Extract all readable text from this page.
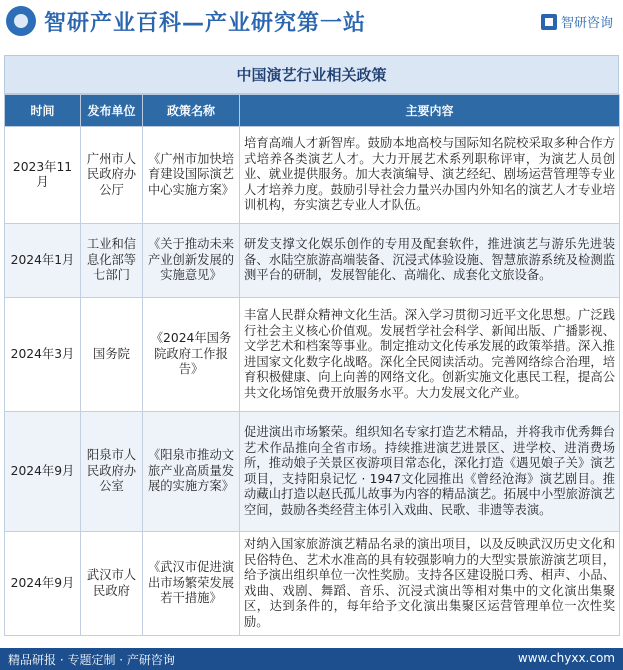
智研产业百科—产业研究第一站	智研咨询
中国演艺行业相关政策
时间	发布单位	政策名称	主要内容
2023年11月	广州市人民政府办公厅	《广州市加快培育建设国际演艺中心实施方案》	培育高端人才新智库。鼓励本地高校与国际知名院校采取多种合作方式培养各类演艺人才。大力开展艺术系列职称评审，为演艺人员创业、就业提供服务。加大表演编导、演艺经纪、剧场运营管理等专业人才培养力度。鼓励引导社会力量兴办国内外知名的演艺人才专业培训机构，夯实演艺专业人才队伍。
2024年1月	工业和信息化部等七部门	《关于推动未来产业创新发展的实施意见》	研发支撑文化娱乐创作的专用及配套软件，推进演艺与游乐先进装备、水陆空旅游高端装备、沉浸式体验设施、智慧旅游系统及检测监测平台的研制，发展智能化、高端化、成套化文旅设备。
2024年3月	国务院	《2024年国务院政府工作报告》	丰富人民群众精神文化生活。深入学习贯彻习近平文化思想。广泛践行社会主义核心价值观。发展哲学社会科学、新闻出版、广播影视、文学艺术和档案等事业。制定推动文化传承发展的政策举措。深入推进国家文化数字化战略。深化全民阅读活动。完善网络综合治理，培育积极健康、向上向善的网络文化。创新实施文化惠民工程，提高公共文化场馆免费开放服务水平。大力发展文化产业。
2024年9月	阳泉市人民政府办公室	《阳泉市推动文旅产业高质量发展的实施方案》	促进演出市场繁荣。组织知名专家打造艺术精品，并将我市优秀舞台艺术作品推向全省市场。持续推进演艺进景区、进学校、进消费场所，推动娘子关景区夜游项目常态化，深化打造《遇见娘子关》演艺项目，支持阳泉记忆 · 1947文化园推出《曾经沧海》演艺剧目。推动藏山打造以赵氏孤儿故事为内容的精品演艺。拓展中小型旅游演艺空间，鼓励各类经营主体引入戏曲、民歌、非遗等表演。
2024年9月	武汉市人民政府	《武汉市促进演出市场繁荣发展若干措施》	对纳入国家旅游演艺精品名录的演出项目，以及反映武汉历史文化和民俗特色、艺术水准高的具有较强影响力的大型实景旅游演艺项目，给予演出组织单位一次性奖励。支持各区建设脱口秀、相声、小品、戏曲、戏剧、舞蹈、音乐、沉浸式演出等相对集中的文化演出集聚区，达到条件的，每年给予文化演出集聚区运营管理单位一次性奖励。
精品研报 · 专题定制 · 产研咨询	www.chyxx.com
